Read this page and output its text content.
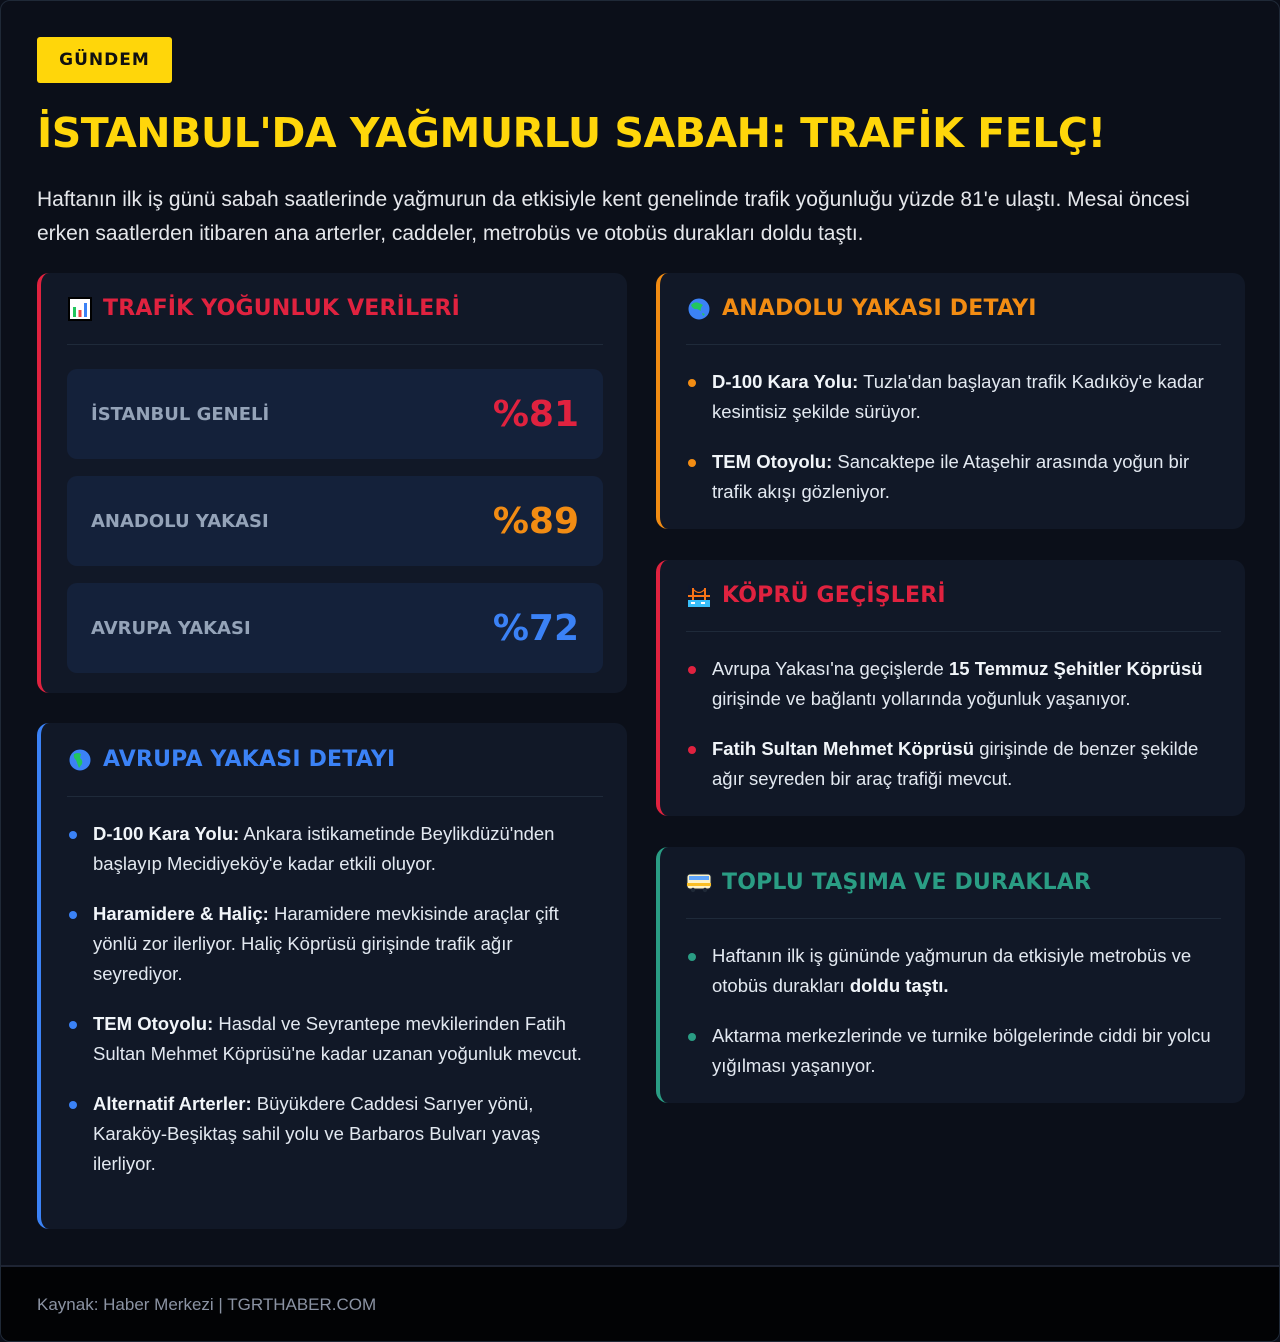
GÜNDEM
İSTANBUL'DA YAĞMURLU SABAH: TRAFİK FELÇ!

Haftanın ilk iş günü sabah saatlerinde yağmurun da etkisiyle kent genelinde trafik yoğunluğu yüzde 81'e ulaştı. Mesai öncesi erken saatlerden itibaren ana arterler, caddeler, metrobüs ve otobüs durakları doldu taştı.

TRAFİK YOĞUNLUK VERİLERİ
İSTANBUL GENELİ	%81
ANADOLU YAKASI	%89
AVRUPA YAKASI	%72
AVRUPA YAKASI DETAYI
D-100 Kara Yolu: Ankara istikametinde Beylikdüzü'nden başlayıp Mecidiyeköy'e kadar etkili oluyor.
Haramidere & Haliç: Haramidere mevkisinde araçlar çift yönlü zor ilerliyor. Haliç Köprüsü girişinde trafik ağır seyrediyor.
TEM Otoyolu: Hasdal ve Seyrantepe mevkilerinden Fatih Sultan Mehmet Köprüsü'ne kadar uzanan yoğunluk mevcut.
Alternatif Arterler: Büyükdere Caddesi Sarıyer yönü, Karaköy-Beşiktaş sahil yolu ve Barbaros Bulvarı yavaş ilerliyor.
ANADOLU YAKASI DETAYI
D-100 Kara Yolu: Tuzla'dan başlayan trafik Kadıköy'e kadar kesintisiz şekilde sürüyor.
TEM Otoyolu: Sancaktepe ile Ataşehir arasında yoğun bir trafik akışı gözleniyor.
KÖPRÜ GEÇİŞLERİ
Avrupa Yakası'na geçişlerde 15 Temmuz Şehitler Köprüsü girişinde ve bağlantı yollarında yoğunluk yaşanıyor.
Fatih Sultan Mehmet Köprüsü girişinde de benzer şekilde ağır seyreden bir araç trafiği mevcut.
TOPLU TAŞIMA VE DURAKLAR
Haftanın ilk iş gününde yağmurun da etkisiyle metrobüs ve otobüs durakları doldu taştı.
Aktarma merkezlerinde ve turnike bölgelerinde ciddi bir yolcu yığılması yaşanıyor.
Kaynak: Haber Merkezi | TGRTHABER.COM
